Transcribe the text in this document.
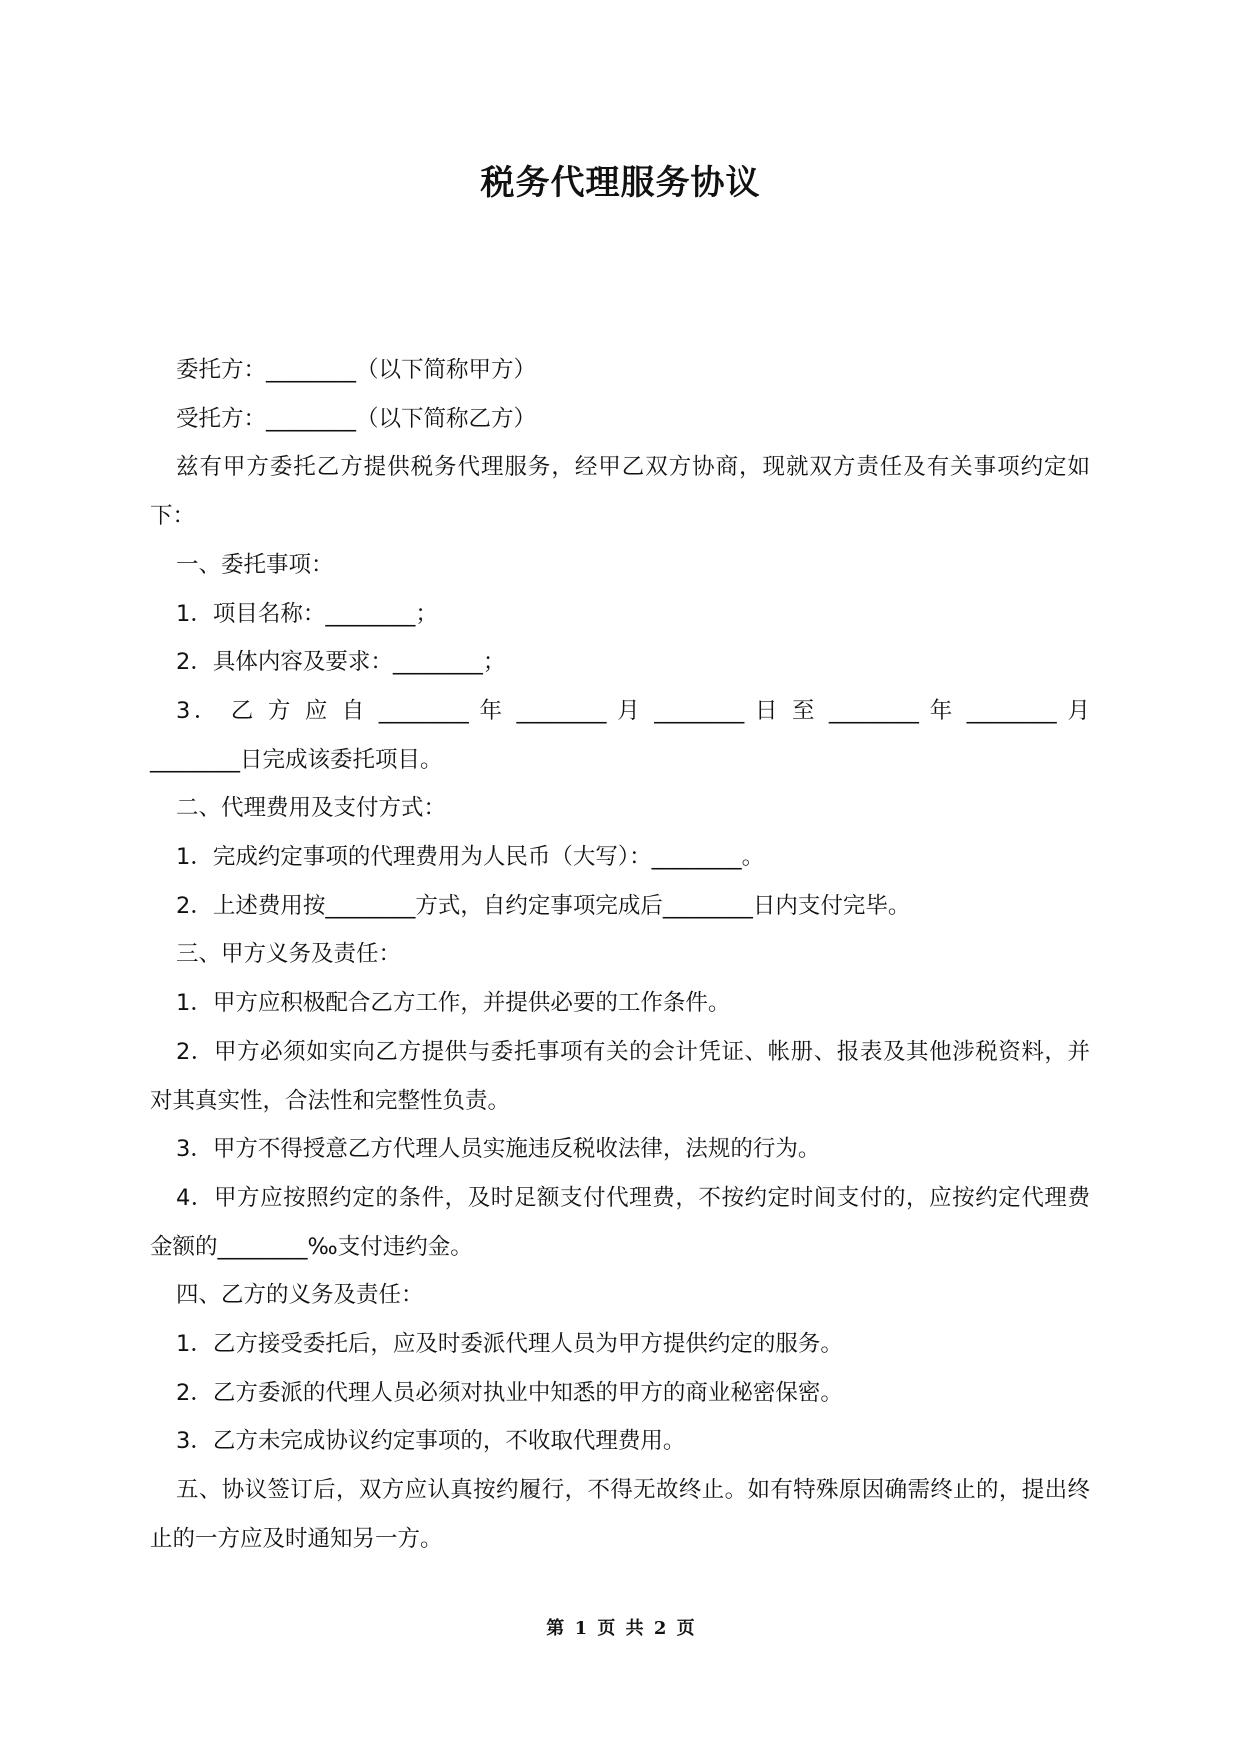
税务代理服务协议

委托方：________（以下简称甲方）

受托方：________（以下简称乙方）

兹有甲方委托乙方提供税务代理服务，经甲乙双方协商，现就双方责任及有关事项约定如下：

一、委托事项：

1．项目名称：________；

2．具体内容及要求：________；

3． 乙 方 应 自 ________ 年 ________ 月 ________ 日 至 ________ 年 ________ 月 ________日完成该委托项目。

二、代理费用及支付方式：

1．完成约定事项的代理费用为人民币（大写）：________。

2．上述费用按________方式，自约定事项完成后________日内支付完毕。

三、甲方义务及责任：

1．甲方应积极配合乙方工作，并提供必要的工作条件。

2．甲方必须如实向乙方提供与委托事项有关的会计凭证、帐册、报表及其他涉税资料，并对其真实性，合法性和完整性负责。

3．甲方不得授意乙方代理人员实施违反税收法律，法规的行为。

4．甲方应按照约定的条件，及时足额支付代理费，不按约定时间支付的，应按约定代理费金额的________‰支付违约金。

四、乙方的义务及责任：

1．乙方接受委托后，应及时委派代理人员为甲方提供约定的服务。

2．乙方委派的代理人员必须对执业中知悉的甲方的商业秘密保密。

3．乙方未完成协议约定事项的，不收取代理费用。

五、协议签订后，双方应认真按约履行，不得无故终止。如有特殊原因确需终止的，提出终止的一方应及时通知另一方。

第 1 页 共 2 页
